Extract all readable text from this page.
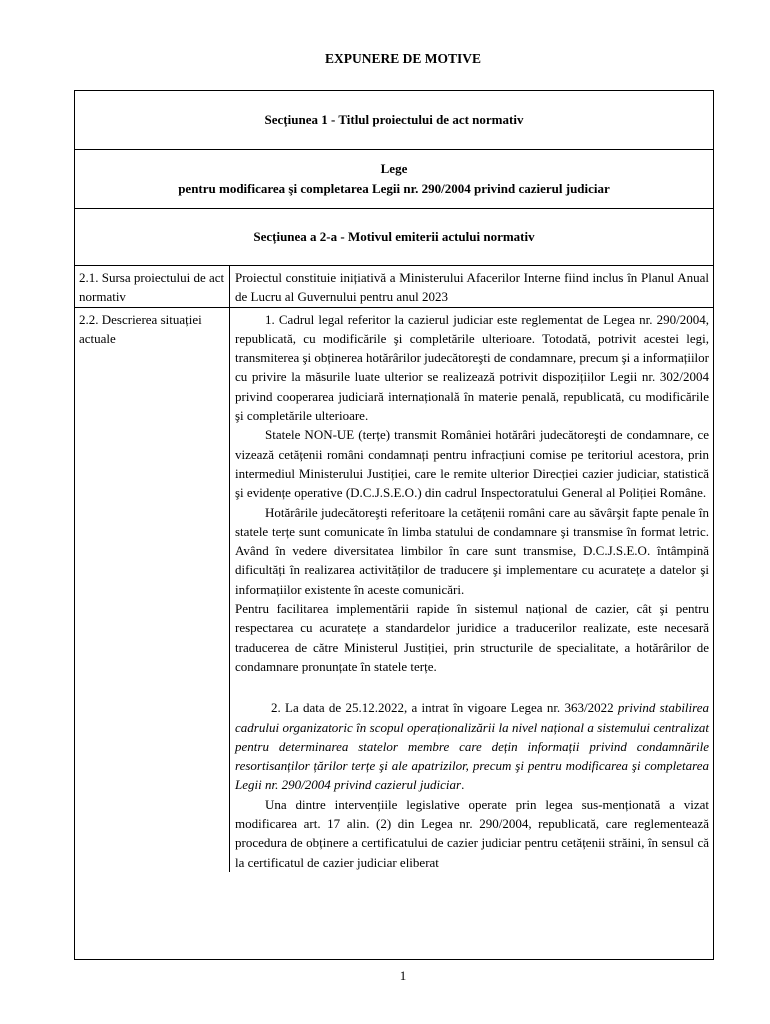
EXPUNERE DE MOTIVE
Secțiunea 1 - Titlul proiectului de act normativ
Lege
pentru modificarea şi completarea Legii nr. 290/2004 privind cazierul judiciar
Secțiunea a 2-a - Motivul emiterii actului normativ
2.1. Sursa proiectului de act normativ
Proiectul constituie inițiativă a Ministerului Afacerilor Interne fiind inclus în Planul Anual de Lucru al Guvernului pentru anul 2023
2.2. Descrierea situației actuale

1. Cadrul legal referitor la cazierul judiciar este reglementat de Legea nr. 290/2004, republicată, cu modificările şi completările ulterioare. Totodată, potrivit acestei legi, transmiterea şi obținerea hotărârilor judecătoreşti de condamnare, precum şi a informațiilor cu privire la măsurile luate ulterior se realizează potrivit dispozițiilor Legii nr. 302/2004 privind cooperarea judiciară internațională în materie penală, republicată, cu modificările şi completările ulterioare.

Statele NON-UE (terțe) transmit României hotărâri judecătoreşti de condamnare, ce vizează cetățenii români condamnați pentru infracțiuni comise pe teritoriul acestora, prin intermediul Ministerului Justiției, care le remite ulterior Direcției cazier judiciar, statistică şi evidențe operative (D.C.J.S.E.O.) din cadrul Inspectoratului General al Poliției Române.

Hotărârile judecătoreşti referitoare la cetățenii români care au săvârşit fapte penale în statele terțe sunt comunicate în limba statului de condamnare şi transmise în format letric. Având în vedere diversitatea limbilor în care sunt transmise, D.C.J.S.E.O. întâmpină dificultăți în realizarea activităților de traducere şi implementare cu acuratețe a datelor şi informațiilor existente în aceste comunicări.

Pentru facilitarea implementării rapide în sistemul național de cazier, cât şi pentru respectarea cu acuratețe a standardelor juridice a traducerilor realizate, este necesară traducerea de către Ministerul Justiției, prin structurile de specialitate, a hotărârilor de condamnare pronunțate în statele terțe.

2. La data de 25.12.2022, a intrat în vigoare Legea nr. 363/2022 privind stabilirea cadrului organizatoric în scopul operaționalizării la nivel național a sistemului centralizat pentru determinarea statelor membre care dețin informații privind condamnările resortisanților țărilor terțe şi ale apatrizilor, precum şi pentru modificarea şi completarea Legii nr. 290/2004 privind cazierul judiciar.

Una dintre intervențiile legislative operate prin legea sus-menționată a vizat modificarea art. 17 alin. (2) din Legea nr. 290/2004, republicată, care reglementează procedura de obținere a certificatului de cazier judiciar pentru cetățenii străini, în sensul că la certificatul de cazier judiciar eliberat

1
